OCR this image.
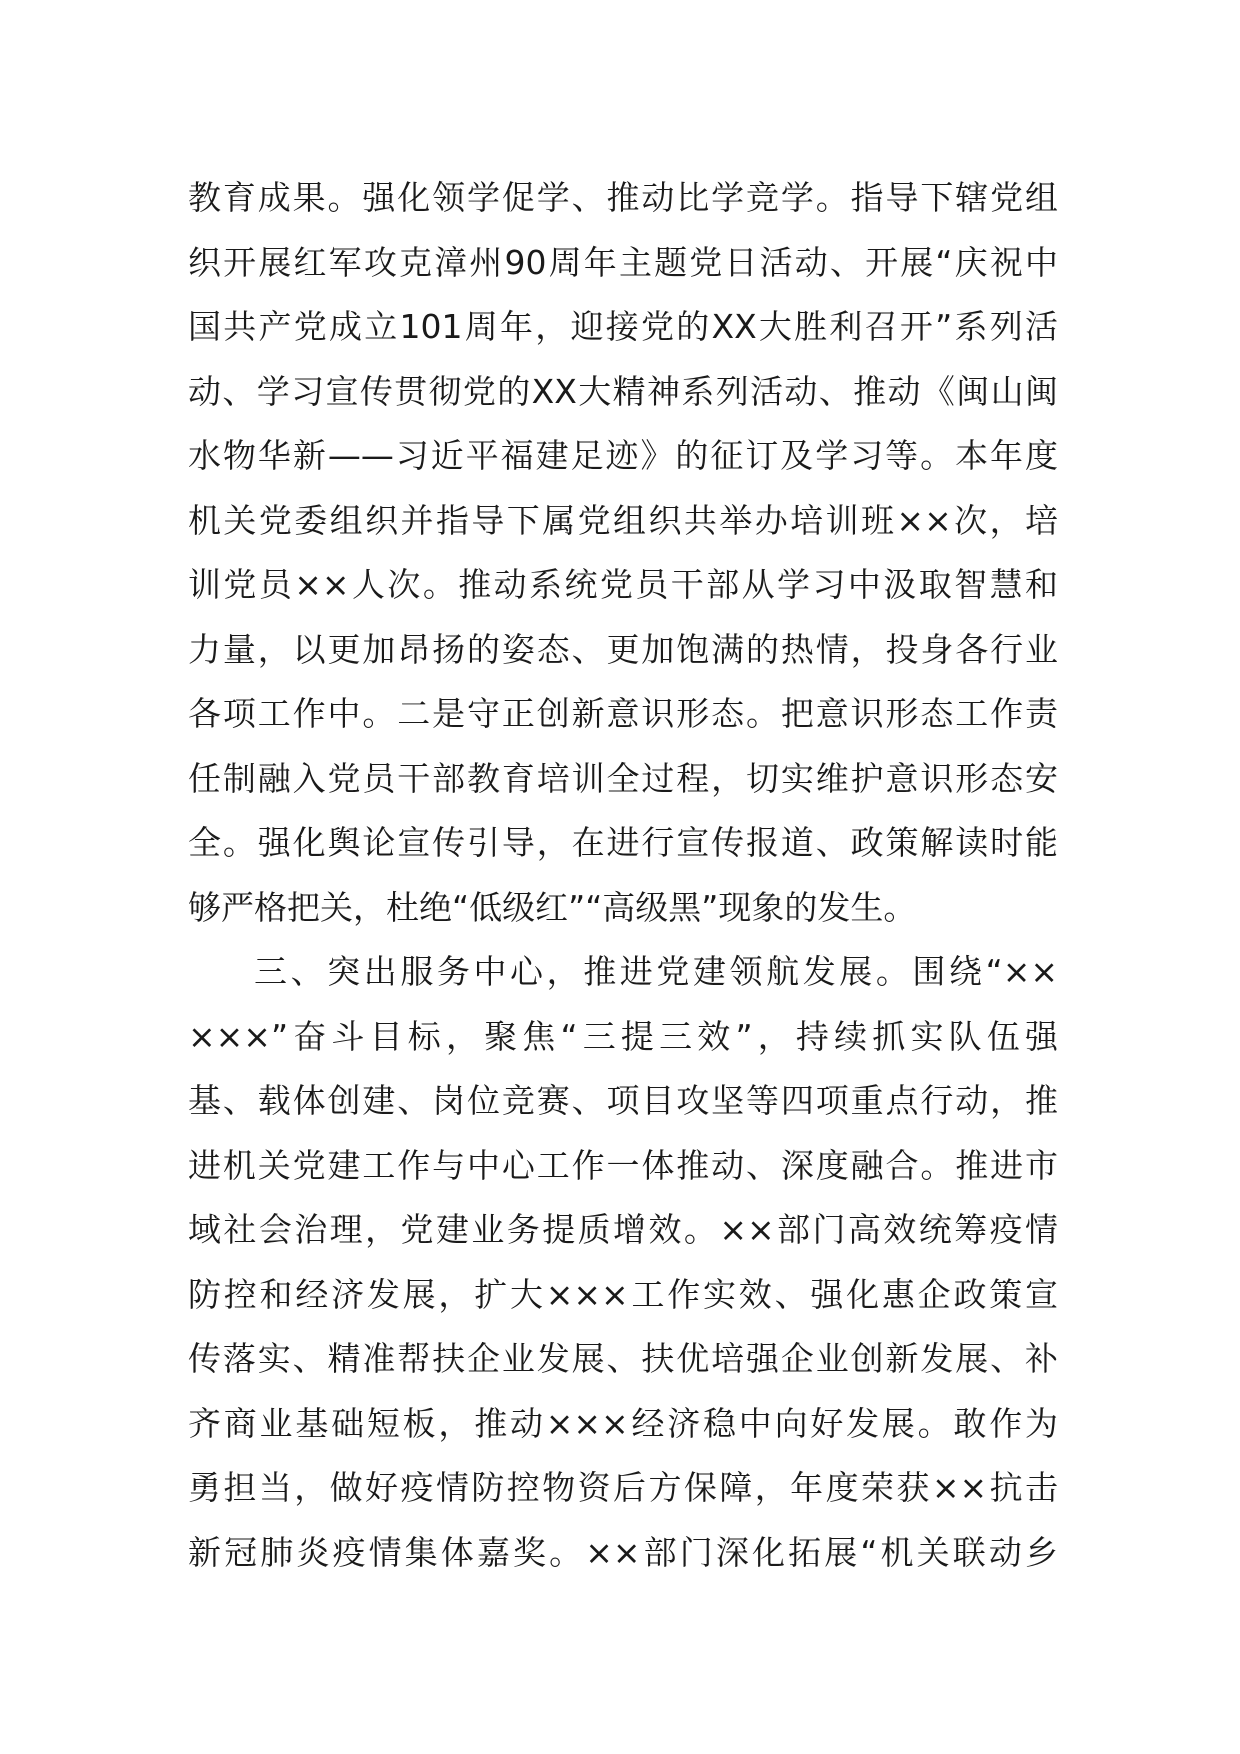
教育成果。强化领学促学、推动比学竞学。指导下辖党组
织开展红军攻克漳州90周年主题党日活动、开展“庆祝中
国共产党成立101周年，迎接党的XX大胜利召开”系列活
动、学习宣传贯彻党的XX大精神系列活动、推动《闽山闽
水物华新——习近平福建足迹》的征订及学习等。本年度
机关党委组织并指导下属党组织共举办培训班××次，培
训党员××人次。推动系统党员干部从学习中汲取智慧和
力量，以更加昂扬的姿态、更加饱满的热情，投身各行业
各项工作中。二是守正创新意识形态。把意识形态工作责
任制融入党员干部教育培训全过程，切实维护意识形态安
全。强化舆论宣传引导，在进行宣传报道、政策解读时能
够严格把关，杜绝“低级红”“高级黑”现象的发生。
三、突出服务中心，推进党建领航发展。围绕“××
×××”奋斗目标，聚焦“三提三效”，持续抓实队伍强
基、载体创建、岗位竞赛、项目攻坚等四项重点行动，推
进机关党建工作与中心工作一体推动、深度融合。推进市
域社会治理，党建业务提质增效。××部门高效统筹疫情
防控和经济发展，扩大×××工作实效、强化惠企政策宣
传落实、精准帮扶企业发展、扶优培强企业创新发展、补
齐商业基础短板，推动×××经济稳中向好发展。敢作为
勇担当，做好疫情防控物资后方保障，年度荣获××抗击
新冠肺炎疫情集体嘉奖。××部门深化拓展“机关联动乡
